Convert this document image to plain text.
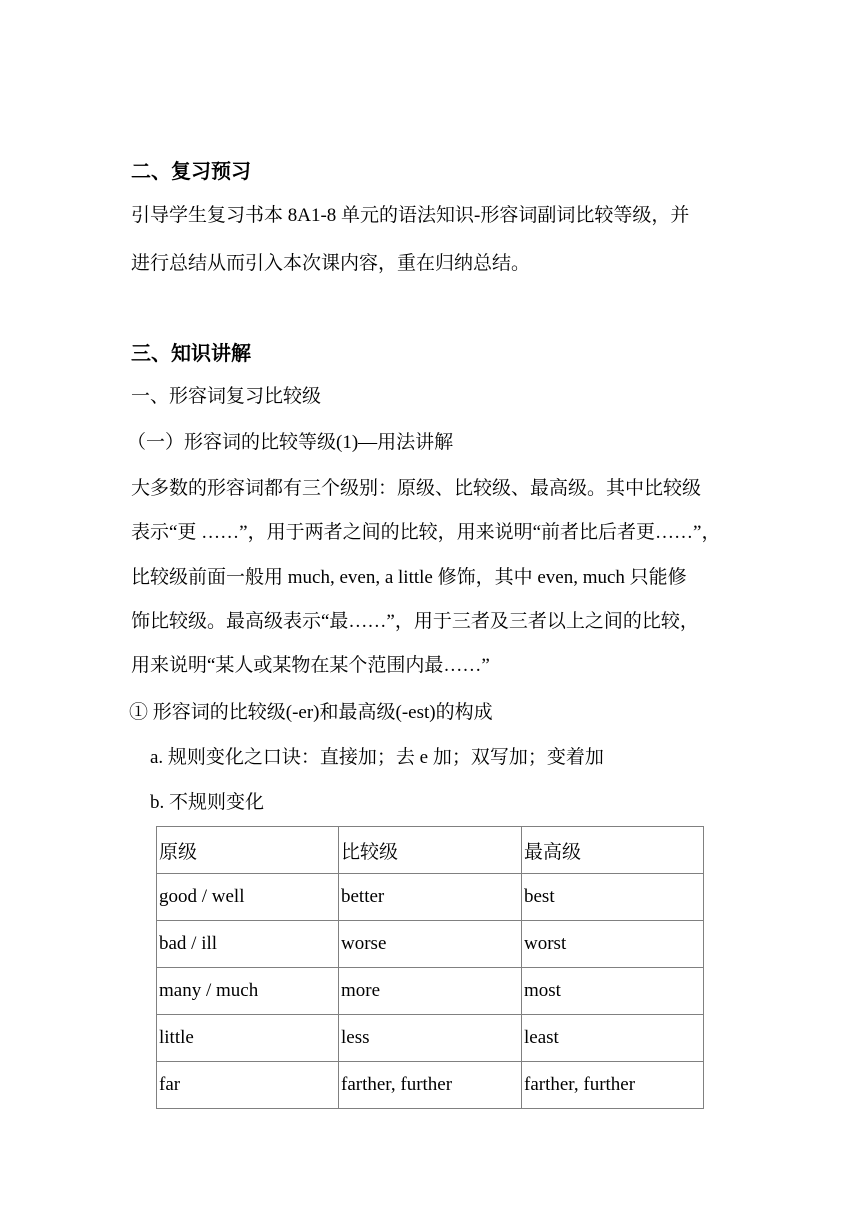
二、复习预习
引导学生复习书本 8A1-8 单元的语法知识-形容词副词比较等级，并
进行总结从而引入本次课内容，重在归纳总结。
三、知识讲解
一、形容词复习比较级
（一）形容词的比较等级(1)—用法讲解
大多数的形容词都有三个级别：原级、比较级、最高级。其中比较级
表示“更 ……”，用于两者之间的比较，用来说明“前者比后者更……”，
比较级前面一般用 much, even, a little 修饰，其中 even, much 只能修
饰比较级。最高级表示“最……”，用于三者及三者以上之间的比较，
用来说明“某人或某物在某个范围内最……”
① 形容词的比较级(-er)和最高级(-est)的构成
a. 规则变化之口诀：直接加；去 e 加；双写加；变着加
b. 不规则变化
原级	比较级	最高级
good / well	better	best
bad / ill	worse	worst
many / much	more	most
little	less	least
far	farther, further	farther, further
